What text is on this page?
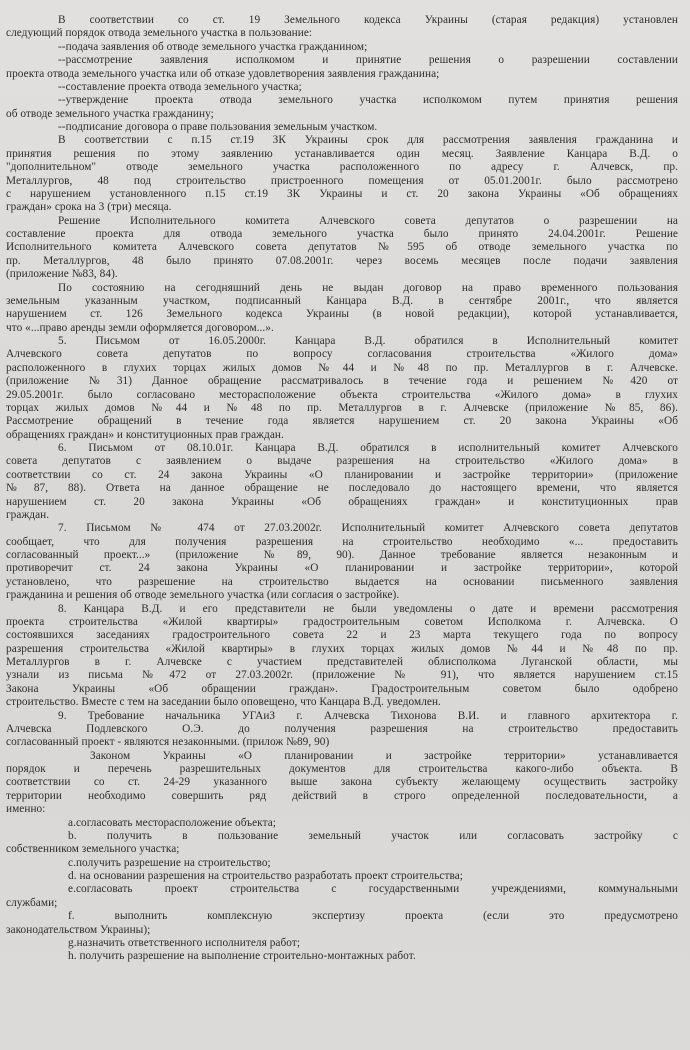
В соответствии со ст. 19 Земельного кодекса Украины (старая редакция) установлен
следующий порядок отвода земельного участка в пользование:
--подача заявления об отводе земельного участка гражданином;
--рассмотрение заявления исполкомом и принятие решения о разрешении составлении
проекта отвода земельного участка или об отказе удовлетворения заявления гражданина;
--составление проекта отвода земельного участка;
--утверждение проекта отвода земельного участка исполкомом путем принятия решения
об отводе земельного участка гражданину;
--подписание договора о праве пользования земельным участком.
В соответствии с п.15 ст.19 ЗК Украины срок для рассмотрения заявления гражданина и
принятия решения по этому заявлению устанавливается один месяц. Заявление Канцара В.Д. о
"дополнительном" отводе земельного участка расположенного по адресу г. Алчевск, пр.
Металлургов, 48 под строительство пристроенного помещения от 05.01.2001г. было рассмотрено
с нарушением установленного п.15 ст.19 ЗК Украины и ст. 20 закона Украины «Об обращениях
граждан» срока на 3 (три) месяца.
Решение Исполнительного комитета Алчевского совета депутатов о разрешении на
составление проекта для отвода земельного участка было принято 24.04.2001г. Решение
Исполнительного комитета Алчевского совета депутатов №595 об отводе земельного участка по
пр. Металлургов, 48 было принято 07.08.2001г. через восемь месяцев после подачи заявления
(приложение №83, 84).
По состоянию на сегодняшний день не выдан договор на право временного пользования
земельным указанным участком, подписанный Канцара В.Д. в сентябре 2001г., что является
нарушением ст. 126 Земельного кодекса Украины (в новой редакции), которой устанавливается,
что «...право аренды земли оформляется договором...».
5. Письмом от 16.05.2000г. Канцара В.Д. обратился в Исполнительный комитет
Алчевского совета депутатов по вопросу согласования строительства «Жилого дома»
расположенного в глухих торцах жилых домов №44 и №48 по пр. Металлургов в г. Алчевске.
(приложение №31) Данное обращение рассматривалось в течение года и решением №420 от
29.05.2001г. было согласовано месторасположение объекта строительства «Жилого дома» в глухих
торцах жилых домов №44 и №48 по пр. Металлургов в г. Алчевске (приложение №85, 86).
Рассмотрение обращений в течение года является нарушением ст. 20 закона Украины «Об
обращениях граждан» и конституционных прав граждан.
6. Письмом от 08.10.01г. Канцара В.Д. обратился в исполнительный комитет Алчевского
совета депутатов с заявлением о выдаче разрешения на строительство «Жилого дома» в
соответствии со ст. 24 закона Украины «О планировании и застройке территории» (приложение
№87, 88). Ответа на данное обращение не последовало до настоящего времени, что является
нарушением ст. 20 закона Украины «Об обращениях граждан» и конституционных прав
граждан.
7. Письмом № 474 от 27.03.2002г. Исполнительный комитет Алчевского совета депутатов
сообщает, что для получения разрешения на строительство необходимо «... предоставить
согласованный проект...» (приложение №89, 90). Данное требование является незаконным и
противоречит ст. 24 закона Украины «О планировании и застройке территории», которой
установлено, что разрешение на строительство выдается на основании письменного заявления
гражданина и решения об отводе земельного участка (или согласия о застройке).
8. Канцара В.Д. и его представители не были уведомлены о дате и времени рассмотрения
проекта строительства «Жилой квартиры» градостроительным советом Исполкома г. Алчевска. О
состоявшихся заседаниях градостроительного совета 22 и 23 марта текущего года по вопросу
разрешения строительства «Жилой квартиры» в глухих торцах жилых домов №44 и №48 по пр.
Металлургов в г. Алчевске с участием представителей облисполкома Луганской области, мы
узнали из письма №472 от 27.03.2002г. (приложение № 91), что является нарушением ст.15
Закона Украины «Об обращении граждан». Градостроительным советом было одобрено
строительство. Вместе с тем на заседании было оповещено, что Канцара В.Д. уведомлен.
9. Требование начальника УГАиЗ г. Алчевска Тихонова В.И. и главного архитектора г.
Алчевска Подлевского О.Э. до получения разрешения на строительство предоставить
согласованный проект - являются незаконными. (прилож №89, 90)
Законом Украины «О планировании и застройке территории» устанавливается
порядок и перечень разрешительных документов для строительства какого-либо объекта. В
соответствии со ст. 24-29 указанного выше закона субъекту желающему осуществить застройку
территории необходимо совершить ряд действий в строго определенной последовательности, а
именно:
a.согласовать месторасположение объекта;
b. получить в пользование земельный участок или согласовать застройку с
собственником земельного участка;
c.получить разрешение на строительство;
d. на основании разрешения на строительство разработать проект строительства;
e.согласовать проект строительства с государственными учреждениями, коммунальными
службами;
f. выполнить комплексную экспертизу проекта (если это предусмотрено
законодательством Украины);
g.назначить ответственного исполнителя работ;
h. получить разрешение на выполнение строительно-монтажных работ.
